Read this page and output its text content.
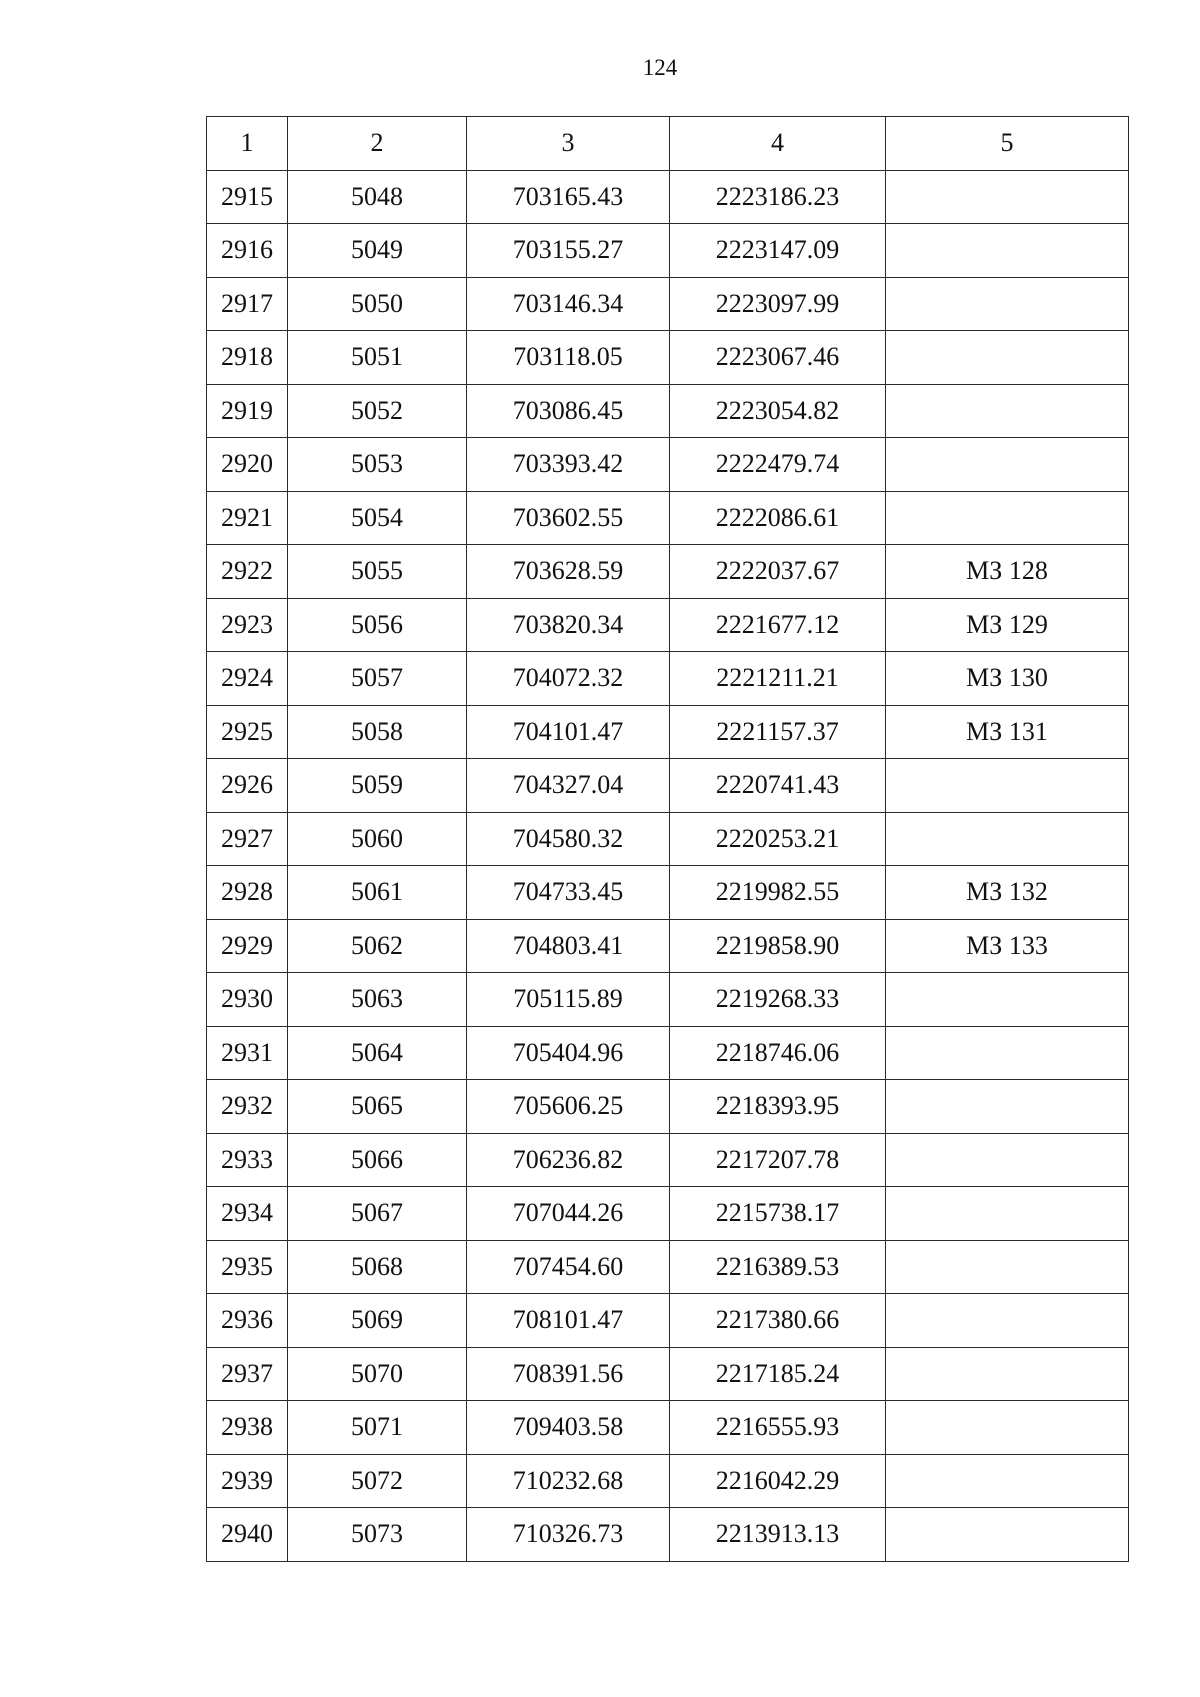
124
1	2	3	4	5
2915	5048	703165.43	2223186.23	
2916	5049	703155.27	2223147.09	
2917	5050	703146.34	2223097.99	
2918	5051	703118.05	2223067.46	
2919	5052	703086.45	2223054.82	
2920	5053	703393.42	2222479.74	
2921	5054	703602.55	2222086.61	
2922	5055	703628.59	2222037.67	МЗ 128
2923	5056	703820.34	2221677.12	МЗ 129
2924	5057	704072.32	2221211.21	МЗ 130
2925	5058	704101.47	2221157.37	МЗ 131
2926	5059	704327.04	2220741.43	
2927	5060	704580.32	2220253.21	
2928	5061	704733.45	2219982.55	МЗ 132
2929	5062	704803.41	2219858.90	МЗ 133
2930	5063	705115.89	2219268.33	
2931	5064	705404.96	2218746.06	
2932	5065	705606.25	2218393.95	
2933	5066	706236.82	2217207.78	
2934	5067	707044.26	2215738.17	
2935	5068	707454.60	2216389.53	
2936	5069	708101.47	2217380.66	
2937	5070	708391.56	2217185.24	
2938	5071	709403.58	2216555.93	
2939	5072	710232.68	2216042.29	
2940	5073	710326.73	2213913.13	
